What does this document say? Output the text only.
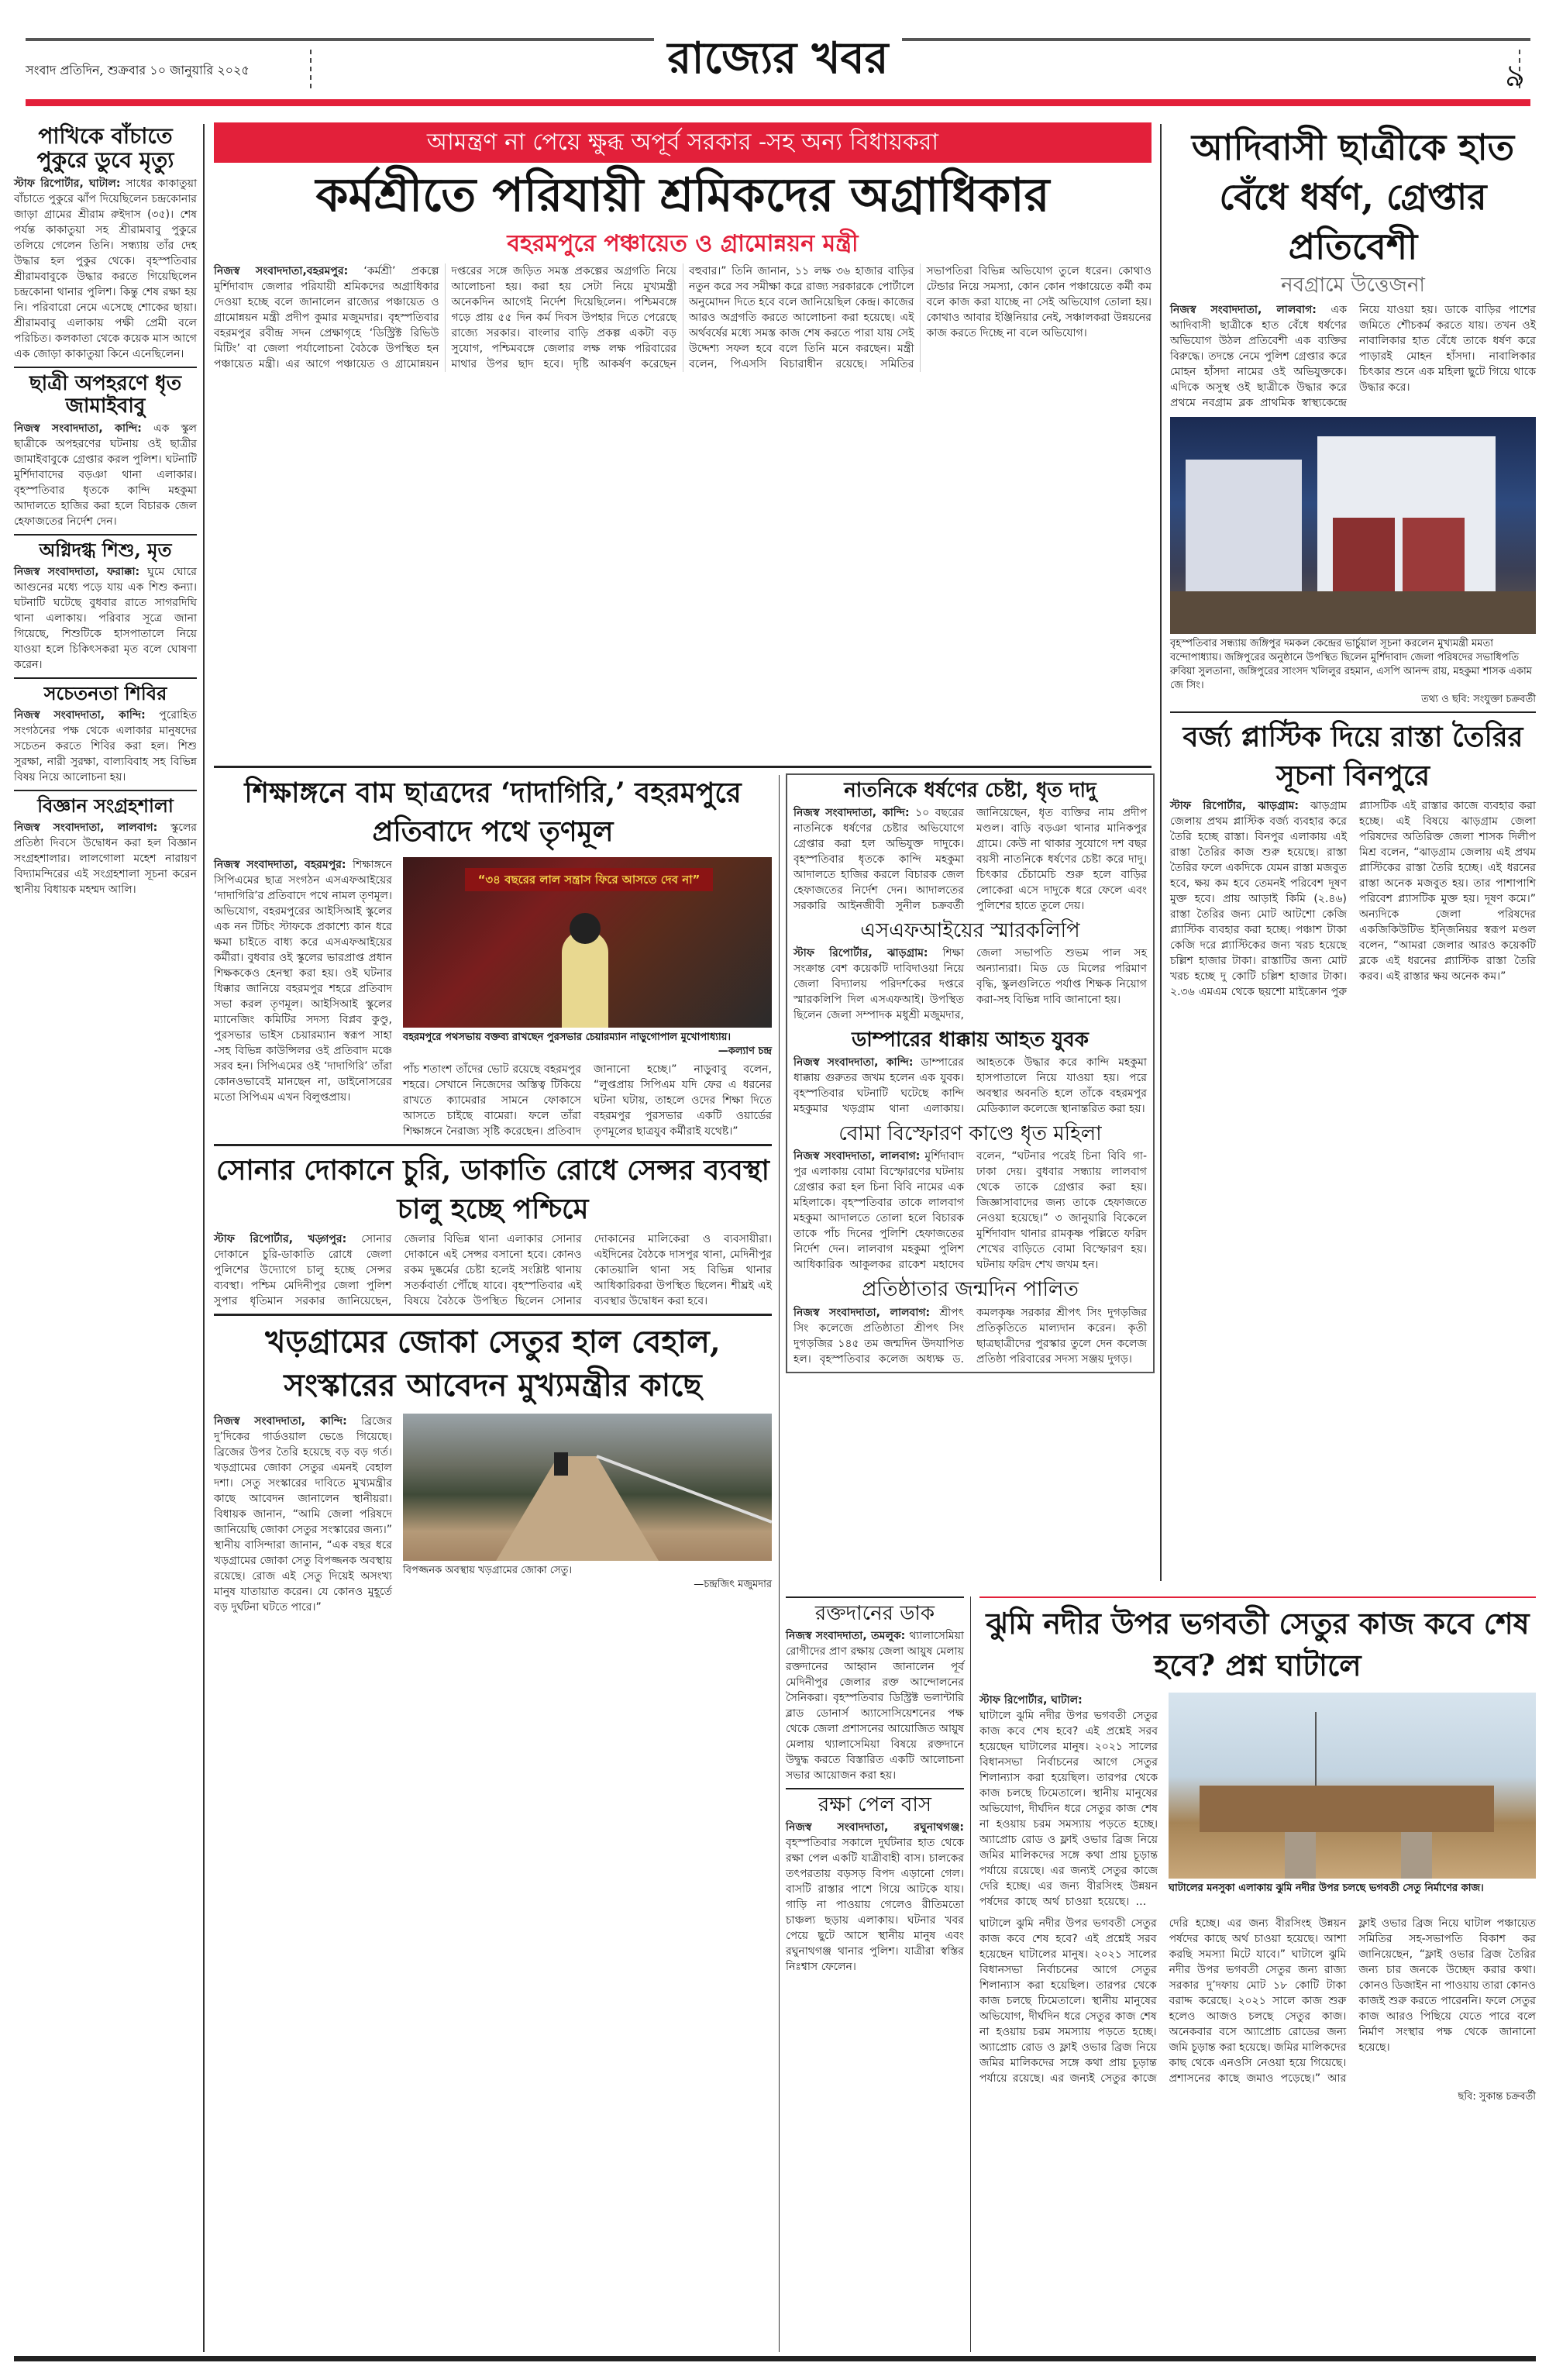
রাজ্যের খবর
সংবাদ প্রতিদিন, শুক্রবার ১০ জানুয়ারি ২০২৫	৯
পাখিকে বাঁচাতে পুকুরে ডুবে মৃত্যু
স্টাফ রিপোর্টার, ঘাটাল: সাধের কাকাতুয়া বাঁচাতে পুকুরে ঝাঁপ দিয়েছিলেন চন্দ্রকোনার জাড়া গ্রামের শ্রীরাম রুইদাস (৩৫)। শেষ পর্যন্ত কাকাতুয়া সহ শ্রীরামবাবু পুকুরে তলিয়ে গেলেন তিনি। সন্ধ্যায় তাঁর দেহ উদ্ধার হল পুকুর থেকে। বৃহস্পতিবার শ্রীরামবাবুকে উদ্ধার করতে গিয়েছিলেন চন্দ্রকোনা থানার পুলিশ। কিন্তু শেষ রক্ষা হয় নি। পরিবারো নেমে এসেছে শোকের ছায়া। শ্রীরামবাবু এলাকায় পক্ষী প্রেমী বলে পরিচিত। কলকাতা থেকে কয়েক মাস আগে এক জোড়া কাকাতুয়া কিনে এনেছিলেন।
ছাত্রী অপহরণে ধৃত জামাইবাবু
নিজস্ব সংবাদদাতা, কান্দি: এক স্কুল ছাত্রীকে অপহরণের ঘটনায় ওই ছাত্রীর জামাইবাবুকে গ্রেপ্তার করল পুলিশ। ঘটনাটি মুর্শিদাবাদের বড়ঞা থানা এলাকার। বৃহস্পতিবার ধৃতকে কান্দি মহকুমা আদালতে হাজির করা হলে বিচারক জেল হেফাজতের নির্দেশ দেন।
অগ্নিদগ্ধ শিশু, মৃত
নিজস্ব সংবাদদাতা, ফরাক্কা: ঘুমে ঘোরে আগুনের মধ্যে পড়ে যায় এক শিশু কন্যা। ঘটনাটি ঘটেছে বুধবার রাতে সাগরদিঘি থানা এলাকায়। পরিবার সূত্রে জানা গিয়েছে, শিশুটিকে হাসপাতালে নিয়ে যাওয়া হলে চিকিৎসকরা মৃত বলে ঘোষণা করেন।
সচেতনতা শিবির
নিজস্ব সংবাদদাতা, কান্দি: পুরোহিত সংগঠনের পক্ষ থেকে এলাকার মানুষদের সচেতন করতে শিবির করা হল। শিশু সুরক্ষা, নারী সুরক্ষা, বাল্যবিবাহ সহ বিভিন্ন বিষয় নিয়ে আলোচনা হয়।
বিজ্ঞান সংগ্রহশালা
নিজস্ব সংবাদদাতা, লালবাগ: স্কুলের প্রতিষ্ঠা দিবসে উদ্বোধন করা হল বিজ্ঞান সংগ্রহশালার। লালগোলা মহেশ নারায়ণ বিদ্যামন্দিরের এই সংগ্রহশালা সূচনা করেন স্থানীয় বিধায়ক মহম্মদ আলি।
আমন্ত্রণ না পেয়ে ক্ষুব্ধ অপূর্ব সরকার -সহ অন্য বিধায়করা
কর্মশ্রীতে পরিযায়ী শ্রমিকদের অগ্রাধিকার
বহরমপুরে পঞ্চায়েত ও গ্রামোন্নয়ন মন্ত্রী
নিজস্ব সংবাদদাতা,বহরমপুর: ‘কর্মশ্রী’ প্রকল্পে মুর্শিদাবাদ জেলার পরিযায়ী শ্রমিকদের অগ্রাধিকার দেওয়া হচ্ছে বলে জানালেন রাজ্যের পঞ্চায়েত ও গ্রামোন্নয়ন মন্ত্রী প্রদীপ কুমার মজুমদার। বৃহস্পতিবার বহরমপুর রবীন্দ্র সদন প্রেক্ষাগৃহে ‘ডিস্ট্রিক্ট রিভিউ মিটিং’ বা জেলা পর্যালোচনা বৈঠকে উপস্থিত হন পঞ্চায়েত মন্ত্রী। এর আগে পঞ্চায়েত ও গ্রামোন্নয়ন দপ্তরের সঙ্গে জড়িত সমস্ত প্রকল্পের অগ্রগতি নিয়ে আলোচনা হয়। করা হয় সেটা নিয়ে মুখ্যমন্ত্রী অনেকদিন আগেই নির্দেশ দিয়েছিলেন। পশ্চিমবঙ্গে গড়ে প্রায় ৫৫ দিন কর্ম দিবস উপহার দিতে পেরেছে রাজ্যে সরকার। বাংলার বাড়ি প্রকল্প একটা বড় সুযোগ, পশ্চিমবঙ্গে জেলার লক্ষ লক্ষ পরিবারের মাথার উপর ছাদ হবে। দৃষ্টি আকর্ষণ করেছেন বহুবার।” তিনি জানান, ১১ লক্ষ ৩৬ হাজার বাড়ির নতুন করে সব সমীক্ষা করে রাজ্য সরকারকে পোর্টালে অনুমোদন দিতে হবে বলে জানিয়েছিল কেন্দ্র। কাজের আরও অগ্রগতি করতে আলোচনা করা হয়েছে। এই অর্থবর্ষের মধ্যে সমস্ত কাজ শেষ করতে পারা যায় সেই উদ্দেশ্য সফল হবে বলে তিনি মনে করছেন। মন্ত্রী বলেন, পিএসসি বিচারাধীন রয়েছে। সমিতির সভাপতিরা বিভিন্ন অভিযোগ তুলে ধরেন। কোথাও টেন্ডার নিয়ে সমস্যা, কোন কোন পঞ্চায়েতে কর্মী কম বলে কাজ করা যাচ্ছে না সেই অভিযোগ তোলা হয়। কোথাও আবার ইঞ্জিনিয়ার নেই, সঞ্চালকরা উন্নয়নের কাজ করতে দিচ্ছে না বলে অভিযোগ।
আদিবাসী ছাত্রীকে হাত বেঁধে ধর্ষণ, গ্রেপ্তার প্রতিবেশী
নবগ্রামে উত্তেজনা
নিজস্ব সংবাদদাতা, লালবাগ: এক আদিবাসী ছাত্রীকে হাত বেঁধে ধর্ষণের অভিযোগ উঠল প্রতিবেশী এক ব্যক্তির বিরুদ্ধে। তদন্তে নেমে পুলিশ গ্রেপ্তার করে মোহন হাঁসদা নামের ওই অভিযুক্তকে। এদিকে অসুস্থ ওই ছাত্রীকে উদ্ধার করে প্রথমে নবগ্রাম ব্লক প্রাথমিক স্বাস্থ্যকেন্দ্রে নিয়ে যাওয়া হয়। ডাকে বাড়ির পাশের জমিতে শৌচকর্ম করতে যায়। তখন ওই নাবালিকার হাত বেঁধে তাকে ধর্ষণ করে পাড়ারই মোহন হাঁসদা। নাবালিকার চিৎকার শুনে এক মহিলা ছুটে গিয়ে থাকে উদ্ধার করে।
বৃহস্পতিবার সন্ধ্যায় জঙ্গিপুর দমকল কেন্দ্রের ভার্চুয়াল সূচনা করলেন মুখ্যমন্ত্রী মমতা বন্দোপাধ্যায়। জঙ্গিপুরের অনুষ্ঠানে উপস্থিত ছিলেন মুর্শিদাবাদ জেলা পরিষদের সভাধিপতি রুবিয়া সুলতানা, জঙ্গিপুরের সাংসদ খলিলুর রহমান, এসপি আনন্দ রায়, মহকুমা শাসক একাম জে সিং।
তথ্য ও ছবি: সংযুক্তা চক্রবর্তী
বর্জ্য প্লাস্টিক দিয়ে রাস্তা তৈরির সূচনা বিনপুরে
স্টাফ রিপোর্টার, ঝাড়গ্রাম: ঝাড়গ্রাম জেলায় প্রথম প্লাস্টিক বর্জ্য ব্যবহার করে তৈরি হচ্ছে রাস্তা। বিনপুর এলাকায় এই রাস্তা তৈরির কাজ শুরু হয়েছে। রাস্তা তৈরির ফলে একদিকে যেমন রাস্তা মজবুত হবে, ক্ষয় কম হবে তেমনই পরিবেশ দূষণ মুক্ত হবে। প্রায় আড়াই কিমি (২.৪৬) রাস্তা তৈরির জন্য মোট আটশো কেজি প্ল্যাস্টিক ব্যবহার করা হচ্ছে। পঞ্চাশ টাকা কেজি দরে প্ল্যাস্টিকের জন্য খরচ হয়েছে চল্লিশ হাজার টাকা। রাস্তাটির জন্য মোট খরচ হচ্ছে দু কোটি চল্লিশ হাজার টাকা। ২.৩৬ এমএম থেকে ছয়শো মাইক্রোন পুরু প্ল্যাসটিক এই রাস্তার কাজে ব্যবহার করা হচ্ছে। এই বিষয়ে ঝাড়গ্রাম জেলা পরিষদের অতিরিক্ত জেলা শাসক দিলীপ মিশ্র বলেন, “ঝাড়গ্রাম জেলায় এই প্রথম প্লাস্টিকের রাস্তা তৈরি হচ্ছে। এই ধরনের রাস্তা অনেক মজবুত হয়। তার পাশাপাশি পরিবেশ প্ল্যাসটিক মুক্ত হয়। দূষণ কমে।” অন্যদিকে জেলা পরিষদের একজিকিউটিভ ইন্জিনিয়র স্বরূপ মণ্ডল বলেন, “আমরা জেলার আরও কয়েকটি ব্লকে এই ধরনের প্ল্যাস্টিক রাস্তা তৈরি করব। এই রাস্তার ক্ষয় অনেক কম।”
শিক্ষাঙ্গনে বাম ছাত্রদের ‘দাদাগিরি,’ বহরমপুরে প্রতিবাদে পথে তৃণমূল
নিজস্ব সংবাদদাতা, বহরমপুর: শিক্ষাঙ্গনে সিপিএমের ছাত্র সংগঠন এসএফআইয়ের ‘দাদাগিরি’র প্রতিবাদে পথে নামল তৃণমূল। অভিযোগ, বহরমপুরের আইসিআই স্কুলের এক নন টিচিং স্টাফকে প্রকাশ্যে কান ধরে ক্ষমা চাইতে বাধ্য করে এসএফআইয়ের কর্মীরা। বুধবার ওই স্কুলের ভারপ্রাপ্ত প্রধান শিক্ষককেও হেনস্থা করা হয়। ওই ঘটনার ধিক্কার জানিয়ে বহরমপুর শহরে প্রতিবাদ সভা করল তৃণমূল। আইসিআই স্কুলের ম্যানেজিং কমিটির সদস্য বিপ্লব কুণ্ডু, পুরসভার ভাইস চেয়ারম্যান স্বরূপ সাহা -সহ বিভিন্ন কাউন্সিলর ওই প্রতিবাদ মঞ্চে সরব হন। সিপিএমের ওই ‘দাদাগিরি’ তাঁরা কোনওভাবেই মানছেন না, ডাইনোসরের মতো সিপিএম এখন বিলুপ্তপ্রায়।
“৩৪ বছরের লাল সন্ত্রাস ফিরে আসতে দেব না”
বহরমপুরে পথসভায় বক্তব্য রাখছেন পুরসভার চেয়ারম্যান নাড়ুগোপাল মুখোপাধ্যায়।
—কল্যাণ চন্দ্র
পাঁচ শতাংশ তাঁদের ভোট রয়েছে বহরমপুর শহরে। সেখানে নিজেদের অস্তিত্ব টিকিয়ে রাখতে ক্যামেরার সামনে ফোকাসে আসতে চাইছে বামেরা। ফলে তাঁরা শিক্ষাঙ্গনে নৈরাজ্য সৃষ্টি করেছেন। প্রতিবাদ জানানো হচ্ছে।” নাড়ুবাবু বলেন, “লুপ্তপ্রায় সিপিএম যদি ফের এ ধরনের ঘটনা ঘটায়, তাহলে ওদের শিক্ষা দিতে বহরমপুর পুরসভার একটি ওয়ার্ডের তৃণমূলের ছাত্রযুব কর্মীরাই যথেষ্ট।”
সোনার দোকানে চুরি, ডাকাতি রোধে সেন্সর ব্যবস্থা চালু হচ্ছে পশ্চিমে
স্টাফ রিপোর্টার, খড়্গপুর: সোনার দোকানে চুরি-ডাকাতি রোধে জেলা পুলিশের উদ্যোগে চালু হচ্ছে সেন্সর ব্যবস্থা। পশ্চিম মেদিনীপুর জেলা পুলিশ সুপার ধৃতিমান সরকার জানিয়েছেন, জেলার বিভিন্ন থানা এলাকার সোনার দোকানে এই সেন্সর বসানো হবে। কোনও রকম দুষ্কর্মের চেষ্টা হলেই সংশ্লিষ্ট থানায় সতর্কবার্তা পৌঁছে যাবে। বৃহস্পতিবার এই বিষয়ে বৈঠকে উপস্থিত ছিলেন সোনার দোকানের মালিকেরা ও ব্যবসায়ীরা। এইদিনের বৈঠকে দাসপুর থানা, মেদিনীপুর কোতয়ালি থানা সহ বিভিন্ন থানার আধিকারিকরা উপস্থিত ছিলেন। শীঘ্রই এই ব্যবস্থার উদ্বোধন করা হবে।
খড়গ্রামের জোকা সেতুর হাল বেহাল, সংস্কারের আবেদন মুখ্যমন্ত্রীর কাছে
নিজস্ব সংবাদদাতা, কান্দি: ব্রিজের দু’দিকের গার্ডওয়াল ভেঙে গিয়েছে। ব্রিজের উপর তৈরি হয়েছে বড় বড় গর্ত। খড়গ্রামের জোকা সেতুর এমনই বেহাল দশা। সেতু সংস্কারের দাবিতে মুখ্যমন্ত্রীর কাছে আবেদন জানালেন স্থানীয়রা। বিধায়ক জানান, “আমি জেলা পরিষদে জানিয়েছি জোকা সেতুর সংস্কারের জন্য।” স্থানীয় বাসিন্দারা জানান, “এক বছর ধরে খড়গ্রামের জোকা সেতু বিপজ্জনক অবস্থায় রয়েছে। রোজ এই সেতু দিয়েই অসংখ্য মানুষ যাতায়াত করেন। যে কোনও মুহূর্তে বড় দুর্ঘটনা ঘটতে পারে।”
বিপজ্জনক অবস্থায় খড়গ্রামের জোকা সেতু।
—চন্দ্রজিৎ মজুমদার
নাতনিকে ধর্ষণের চেষ্টা, ধৃত দাদু
নিজস্ব সংবাদদাতা, কান্দি: ১০ বছরের নাতনিকে ধর্ষণের চেষ্টার অভিযোগে গ্রেপ্তার করা হল অভিযুক্ত দাদুকে। বৃহস্পতিবার ধৃতকে কান্দি মহকুমা আদালতে হাজির করলে বিচারক জেল হেফাজতের নির্দেশ দেন। আদালতের সরকারি আইনজীবী সুনীল চক্রবর্তী জানিয়েছেন, ধৃত ব্যক্তির নাম প্রদীপ মণ্ডল। বাড়ি বড়ঞা থানার মানিকপুর গ্রামে। কেউ না থাকার সুযোগে দশ বছর বয়সী নাতনিকে ধর্ষণের চেষ্টা করে দাদু। চিৎকার চেঁচামেচি শুরু হলে বাড়ির লোকেরা এসে দাদুকে ধরে ফেলে এবং পুলিশের হাতে তুলে দেয়।
এসএফআইয়ের স্মারকলিপি
স্টাফ রিপোর্টার, ঝাড়গ্রাম: শিক্ষা সংক্রান্ত বেশ কয়েকটি দাবিদাওয়া নিয়ে জেলা বিদ্যালয় পরিদর্শকের দপ্তরে স্মারকলিপি দিল এসএফআই। উপস্থিত ছিলেন জেলা সম্পাদক মধুশ্রী মজুমদার, জেলা সভাপতি শুভম পাল সহ অন্যান্যরা। মিড ডে মিলের পরিমাণ বৃদ্ধি, স্কুলগুলিতে পর্যাপ্ত শিক্ষক নিয়োগ করা-সহ বিভিন্ন দাবি জানানো হয়।
ডাম্পারের ধাক্কায় আহত যুবক
নিজস্ব সংবাদদাতা, কান্দি: ডাম্পারের ধাক্কায় গুরুতর জখম হলেন এক যুবক। বৃহস্পতিবার ঘটনাটি ঘটেছে কান্দি মহকুমার খড়গ্রাম থানা এলাকায়। আহতকে উদ্ধার করে কান্দি মহকুমা হাসপাতালে নিয়ে যাওয়া হয়। পরে অবস্থার অবনতি হলে তাঁকে বহরমপুর মেডিক্যাল কলেজে স্থানান্তরিত করা হয়।
বোমা বিস্ফোরণ কাণ্ডে ধৃত মহিলা
নিজস্ব সংবাদদাতা, লালবাগ: মুর্শিদাবাদ পুর এলাকায় বোমা বিস্ফোরণের ঘটনায় গ্রেপ্তার করা হল চিনা বিবি নামের এক মহিলাকে। বৃহস্পতিবার তাকে লালবাগ মহকুমা আদালতে তোলা হলে বিচারক তাকে পাঁচ দিনের পুলিশি হেফাজতের নির্দেশ দেন। লালবাগ মহকুমা পুলিশ আধিকারিক আকুলকর রাকেশ মহাদেব বলেন, “ঘটনার পরেই চিনা বিবি গা-ঢাকা দেয়। বুধবার সন্ধ্যায় লালবাগ থেকে তাকে গ্রেপ্তার করা হয়। জিজ্ঞাসাবাদের জন্য তাকে হেফাজতে নেওয়া হয়েছে।” ৩ জানুয়ারি বিকেলে মুর্শিদাবাদ থানার রামকৃষ্ণ পল্লিতে ফরিদ শেখের বাড়িতে বোমা বিস্ফোরণ হয়। ঘটনায় ফরিদ শেখ জখম হন।
প্রতিষ্ঠাতার জন্মদিন পালিত
নিজস্ব সংবাদদাতা, লালবাগ: শ্রীপৎ সিং কলেজে প্রতিষ্ঠাতা শ্রীপৎ সিং দুগড়জির ১৪৫ তম জন্মদিন উদযাপিত হল। বৃহস্পতিবার কলেজ অধ্যক্ষ ড. কমলকৃষ্ণ সরকার শ্রীপৎ সিং দুগড়জির প্রতিকৃতিতে মাল্যদান করেন। কৃতী ছাত্রছাত্রীদের পুরস্কার তুলে দেন কলেজ প্রতিষ্ঠা পরিবারের সদস্য সঞ্জয় দুগড়।
রক্তদানের ডাক
নিজস্ব সংবাদদাতা, তমলুক: থ্যালাসেমিয়া রোগীদের প্রাণ রক্ষায় জেলা আয়ুষ মেলায় রক্তদানের আহ্বান জানালেন পূর্ব মেদিনীপুর জেলার রক্ত আন্দোলনের সৈনিকরা। বৃহস্পতিবার ডিস্ট্রিক্ট ভলান্টারি ব্লাড ডোনার্স অ্যাসোসিয়েশনের পক্ষ থেকে জেলা প্রশাসনের আয়োজিত আয়ুষ মেলায় থ্যালাসেমিয়া বিষয়ে রক্তদানে উদ্বুদ্ধ করতে বিস্তারিত একটি আলোচনা সভার আয়োজন করা হয়।
রক্ষা পেল বাস
নিজস্ব সংবাদদাতা, রঘুনাথগঞ্জ: বৃহস্পতিবার সকালে দুর্ঘটনার হাত থেকে রক্ষা পেল একটি যাত্রীবাহী বাস। চালকের তৎপরতায় বড়সড় বিপদ এড়ানো গেল। বাসটি রাস্তার পাশে গিয়ে আটকে যায়। গাড়ি না পাওয়ায় গেলেও রীতিমতো চাঞ্চল্য ছড়ায় এলাকায়। ঘটনার খবর পেয়ে ছুটে আসে স্থানীয় মানুষ এবং রঘুনাথগঞ্জ থানার পুলিশ। যাত্রীরা স্বস্তির নিঃশ্বাস ফেলেন।
ঝুমি নদীর উপর ভগবতী সেতুর কাজ কবে শেষ হবে? প্রশ্ন ঘাটালে
স্টাফ রিপোর্টার, ঘাটাল:
ঘাটালে ঝুমি নদীর উপর ভগবতী সেতুর কাজ কবে শেষ হবে? এই প্রশ্নেই সরব হয়েছেন ঘাটালের মানুষ। ২০২১ সালের বিধানসভা নির্বাচনের আগে সেতুর শিলান্যাস করা হয়েছিল। তারপর থেকে কাজ চলছে ঢিমেতালে। স্থানীয় মানুষের অভিযোগ, দীর্ঘদিন ধরে সেতুর কাজ শেষ না হওয়ায় চরম সমস্যায় পড়তে হচ্ছে। অ্যাপ্রোচ রোড ও ফ্লাই ওভার ব্রিজ নিয়ে জমির মালিকদের সঙ্গে কথা প্রায় চূড়ান্ত পর্যায়ে রয়েছে। এর জন্যই সেতুর কাজে দেরি হচ্ছে। এর জন্য বীরসিংহ উন্নয়ন পর্ষদের কাছে অর্থ চাওয়া হয়েছে। আশা
ঘাটালের মনসুকা এলাকায় ঝুমি নদীর উপর চলছে ভগবতী সেতু নির্মাণের কাজ।
ঘাটালে ঝুমি নদীর উপর ভগবতী সেতুর কাজ কবে শেষ হবে? এই প্রশ্নেই সরব হয়েছেন ঘাটালের মানুষ। ২০২১ সালের বিধানসভা নির্বাচনের আগে সেতুর শিলান্যাস করা হয়েছিল। তারপর থেকে কাজ চলছে ঢিমেতালে। স্থানীয় মানুষের অভিযোগ, দীর্ঘদিন ধরে সেতুর কাজ শেষ না হওয়ায় চরম সমস্যায় পড়তে হচ্ছে। অ্যাপ্রোচ রোড ও ফ্লাই ওভার ব্রিজ নিয়ে জমির মালিকদের সঙ্গে কথা প্রায় চূড়ান্ত পর্যায়ে রয়েছে। এর জন্যই সেতুর কাজে দেরি হচ্ছে। এর জন্য বীরসিংহ উন্নয়ন পর্ষদের কাছে অর্থ চাওয়া হয়েছে। আশা করছি সমস্যা মিটে যাবে।” ঘাটালে ঝুমি নদীর উপর ভগবতী সেতুর জন্য রাজ্য সরকার দু’দফায় মোট ১৮ কোটি টাকা বরাদ্দ করেছে। ২০২১ সালে কাজ শুরু হলেও আজও চলছে সেতুর কাজ। অনেকবার বসে অ্যাপ্রোচ রোডের জন্য জমি চূড়ান্ত করা হয়েছে। জমির মালিকদের কাছ থেকে এনওসি নেওয়া হয়ে গিয়েছে। প্রশাসনের কাছে জমাও পড়েছে।” আর ফ্লাই ওভার ব্রিজ নিয়ে ঘাটাল পঞ্চায়েত সমিতির সহ-সভাপতি বিকাশ কর জানিয়েছেন, “ফ্লাই ওভার ব্রিজ তৈরির জন্য চার জনকে উচ্ছেদ করার কথা। কোনও ডিজাইন না পাওয়ায় তারা কোনও কাজই শুরু করতে পারেননি। ফলে সেতুর কাজ আরও পিছিয়ে যেতে পারে বলে নির্মাণ সংস্থার পক্ষ থেকে জানানো হয়েছে।
ছবি: সুকান্ত চক্রবর্তী
